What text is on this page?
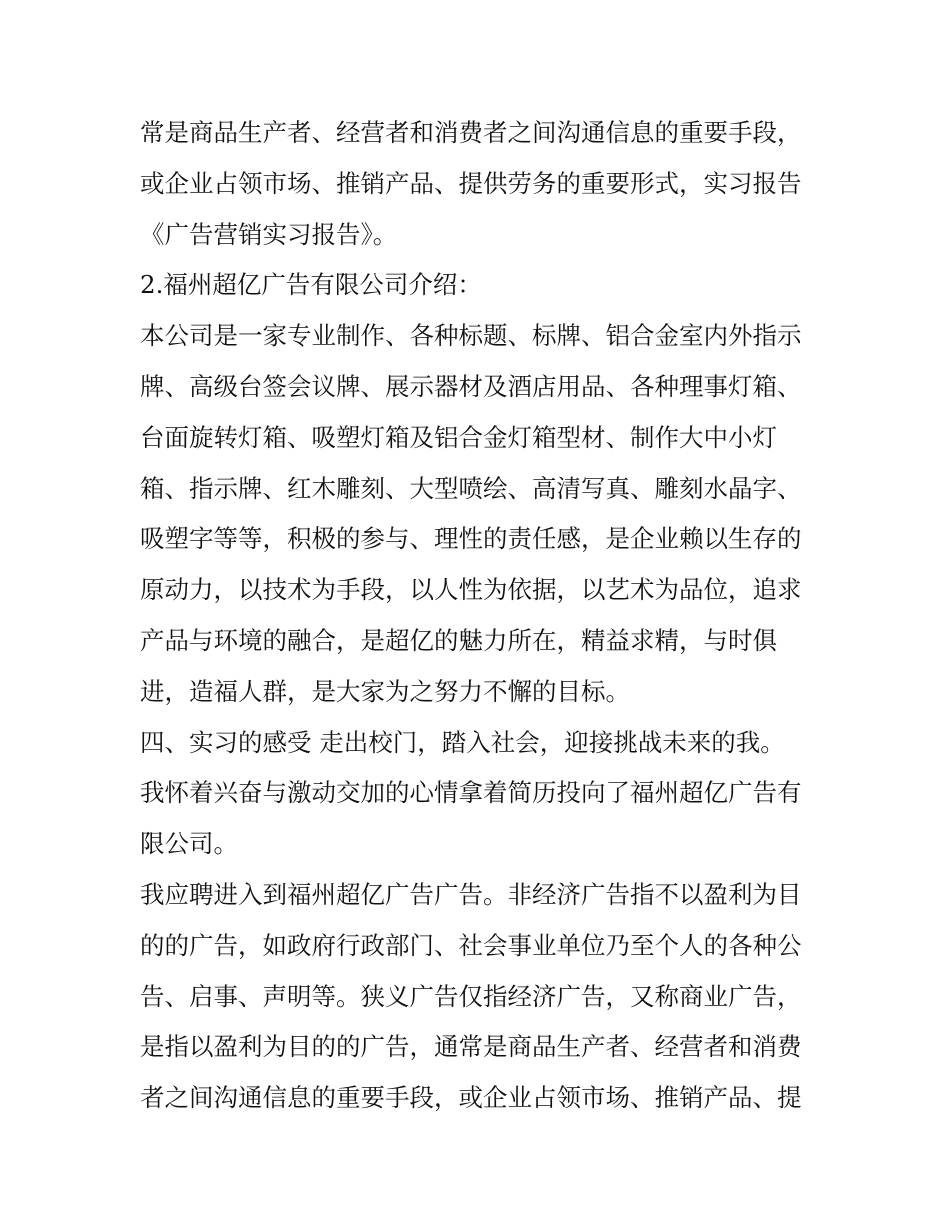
常是商品生产者、经营者和消费者之间沟通信息的重要手段，
或企业占领市场、推销产品、提供劳务的重要形式，实习报告
《广告营销实习报告》。
2.福州超亿广告有限公司介绍：
本公司是一家专业制作、各种标题、标牌、铝合金室内外指示
牌、高级台签会议牌、展示器材及酒店用品、各种理事灯箱、
台面旋转灯箱、吸塑灯箱及铝合金灯箱型材、制作大中小灯
箱、指示牌、红木雕刻、大型喷绘、高清写真、雕刻水晶字、
吸塑字等等，积极的参与、理性的责任感，是企业赖以生存的
原动力，以技术为手段，以人性为依据，以艺术为品位，追求
产品与环境的融合，是超亿的魅力所在，精益求精，与时俱
进，造福人群，是大家为之努力不懈的目标。
四、实习的感受 走出校门，踏入社会，迎接挑战未来的我。
我怀着兴奋与激动交加的心情拿着简历投向了福州超亿广告有
限公司。
我应聘进入到福州超亿广告广告。非经济广告指不以盈利为目
的的广告，如政府行政部门、社会事业单位乃至个人的各种公
告、启事、声明等。狭义广告仅指经济广告，又称商业广告，
是指以盈利为目的的广告，通常是商品生产者、经营者和消费
者之间沟通信息的重要手段，或企业占领市场、推销产品、提
